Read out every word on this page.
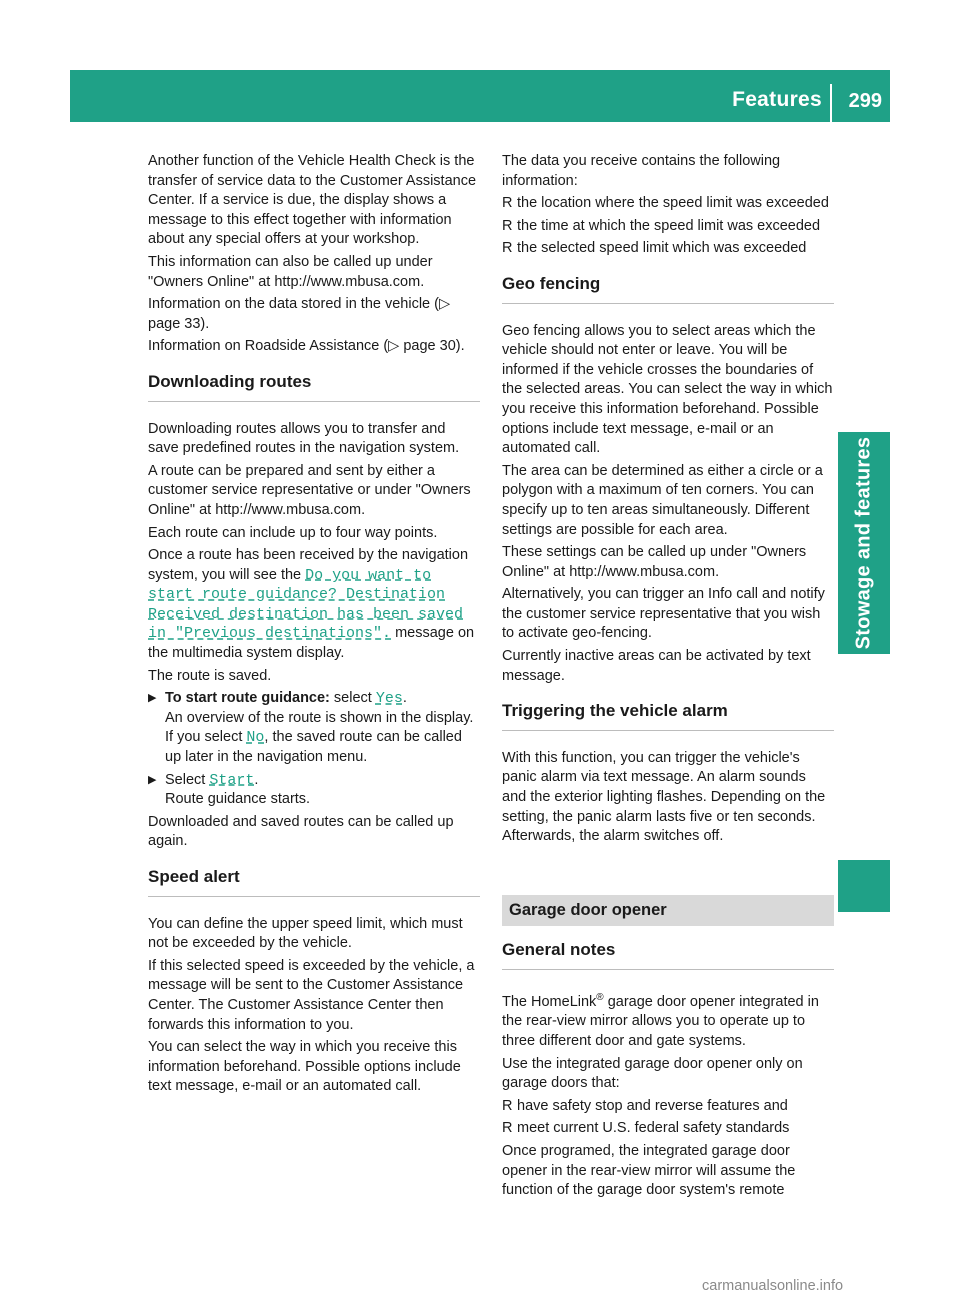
Features 299
Stowage and features

Another function of the Vehicle Health Check is the transfer of service data to the Customer Assistance Center. If a service is due, the display shows a message to this effect together with information about any special offers at your workshop.

This information can also be called up under "Owners Online" at http://www.mbusa.com.

Information on the data stored in the vehicle (▷ page 33).

Information on Roadside Assistance (▷ page 30).

Downloading routes

Downloading routes allows you to transfer and save predefined routes in the navigation system.

A route can be prepared and sent by either a customer service representative or under "Owners Online" at http://www.mbusa.com.

Each route can include up to four way points.

Once a route has been received by the navigation system, you will see the Do you want to start route guidance? Destination Received destination has been saved in "Previous destinations". message on the multimedia system display.

The route is saved.

▶ To start route guidance: select Yes.
An overview of the route is shown in the display.
If you select No, the saved route can be called up later in the navigation menu.
▶ Select Start.
Route guidance starts.

Downloaded and saved routes can be called up again.

Speed alert

You can define the upper speed limit, which must not be exceeded by the vehicle.

If this selected speed is exceeded by the vehicle, a message will be sent to the Customer Assistance Center. The Customer Assistance Center then forwards this information to you.

You can select the way in which you receive this information beforehand. Possible options include text message, e-mail or an automated call.

The data you receive contains the following information:

R the location where the speed limit was exceeded
R the time at which the speed limit was exceeded
R the selected speed limit which was exceeded
Geo fencing

Geo fencing allows you to select areas which the vehicle should not enter or leave. You will be informed if the vehicle crosses the boundaries of the selected areas. You can select the way in which you receive this information beforehand. Possible options include text message, e-mail or an automated call.

The area can be determined as either a circle or a polygon with a maximum of ten corners. You can specify up to ten areas simultaneously. Different settings are possible for each area.

These settings can be called up under "Owners Online" at http://www.mbusa.com.

Alternatively, you can trigger an Info call and notify the customer service representative that you wish to activate geo-fencing.

Currently inactive areas can be activated by text message.

Triggering the vehicle alarm

With this function, you can trigger the vehicle's panic alarm via text message. An alarm sounds and the exterior lighting flashes. Depending on the setting, the panic alarm lasts five or ten seconds. Afterwards, the alarm switches off.

Garage door opener
General notes

The HomeLink® garage door opener integrated in the rear-view mirror allows you to operate up to three different door and gate systems.

Use the integrated garage door opener only on garage doors that:

R have safety stop and reverse features and
R meet current U.S. federal safety standards

Once programed, the integrated garage door opener in the rear-view mirror will assume the function of the garage door system's remote

carmanualsonline.info
